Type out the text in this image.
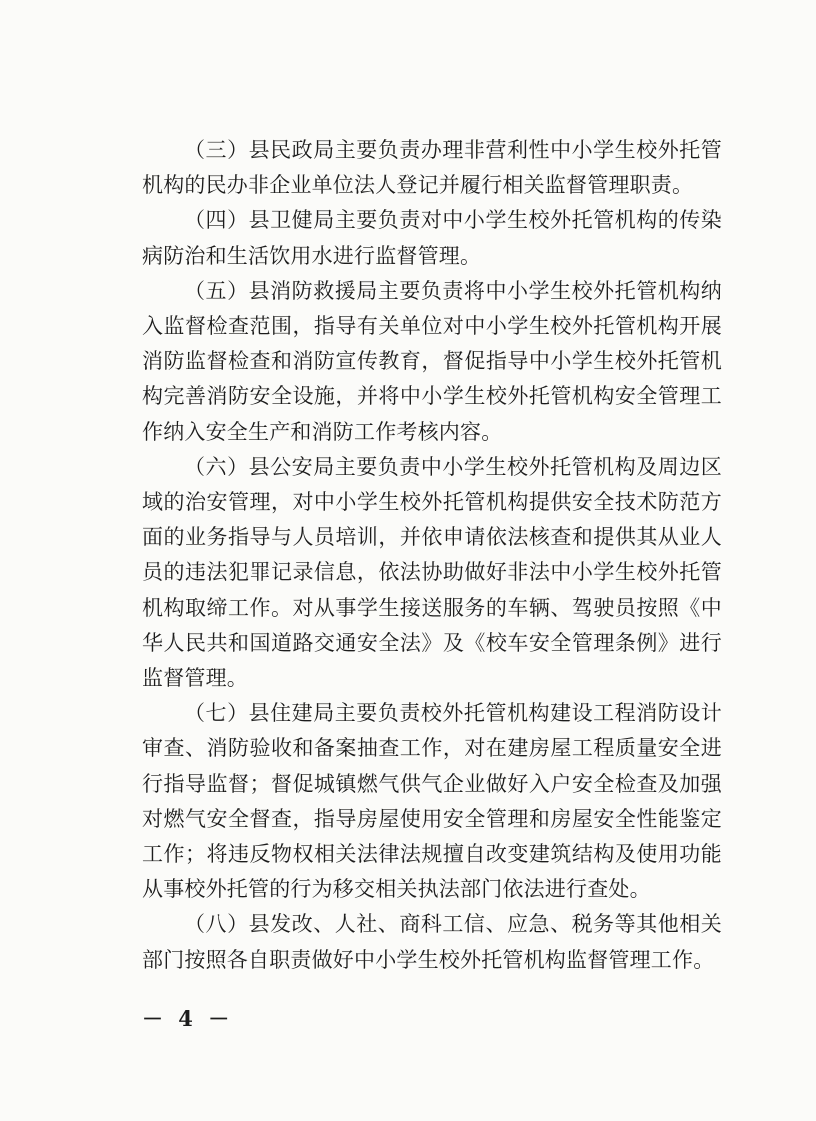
（三）县民政局主要负责办理非营利性中小学生校外托管机构的民办非企业单位法人登记并履行相关监督管理职责。

（四）县卫健局主要负责对中小学生校外托管机构的传染病防治和生活饮用水进行监督管理。

（五）县消防救援局主要负责将中小学生校外托管机构纳入监督检查范围，指导有关单位对中小学生校外托管机构开展消防监督检查和消防宣传教育，督促指导中小学生校外托管机构完善消防安全设施，并将中小学生校外托管机构安全管理工作纳入安全生产和消防工作考核内容。

（六）县公安局主要负责中小学生校外托管机构及周边区域的治安管理，对中小学生校外托管机构提供安全技术防范方面的业务指导与人员培训，并依申请依法核查和提供其从业人员的违法犯罪记录信息，依法协助做好非法中小学生校外托管机构取缔工作。对从事学生接送服务的车辆、驾驶员按照《中华人民共和国道路交通安全法》及《校车安全管理条例》进行监督管理。

（七）县住建局主要负责校外托管机构建设工程消防设计审查、消防验收和备案抽查工作，对在建房屋工程质量安全进行指导监督；督促城镇燃气供气企业做好入户安全检查及加强对燃气安全督查，指导房屋使用安全管理和房屋安全性能鉴定工作；将违反物权相关法律法规擅自改变建筑结构及使用功能从事校外托管的行为移交相关执法部门依法进行查处。

（八）县发改、人社、商科工信、应急、税务等其他相关部门按照各自职责做好中小学生校外托管机构监督管理工作。

－ 4 －
